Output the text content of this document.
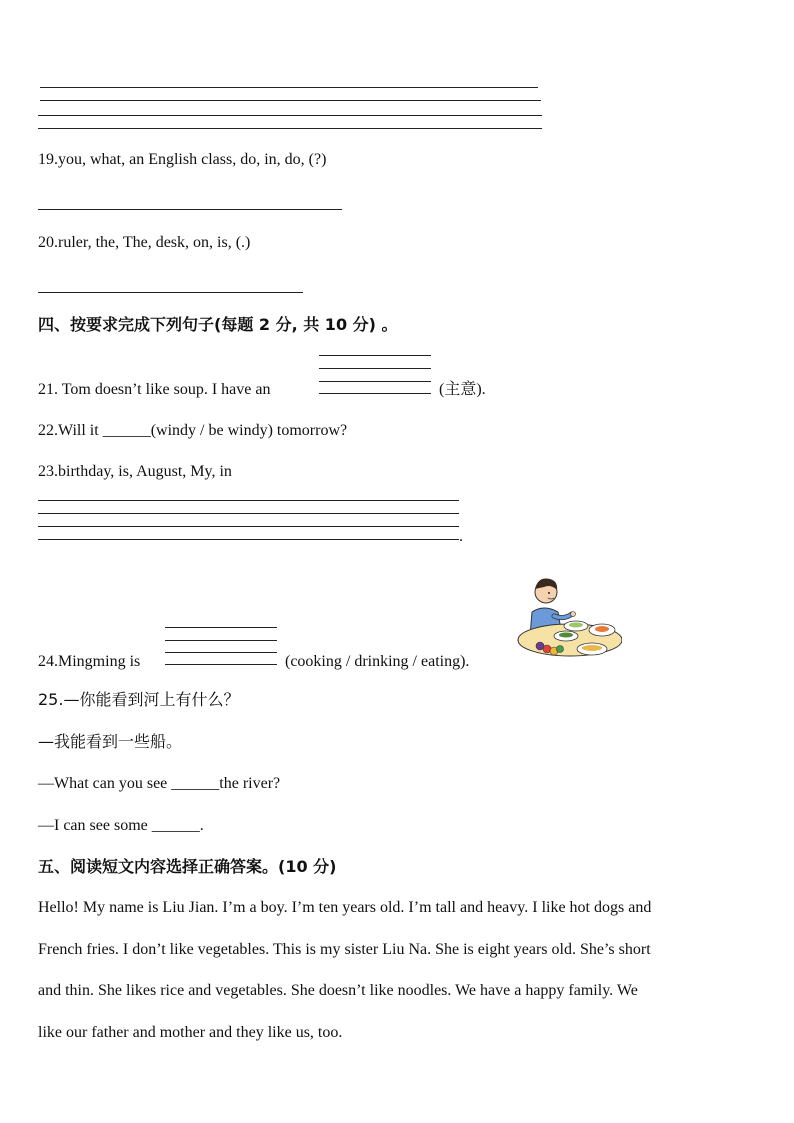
19.you, what, an English class, do, in, do, (?)
20.ruler, the, The, desk, on, is, (.)
四、按要求完成下列句子(每题 2 分, 共 10 分) 。
21. Tom doesn’t like soup. I have an	(主意).
22.Will it ______(windy / be windy) tomorrow?
23.birthday, is, August, My, in
.
24.Mingming is	(cooking / drinking / eating).
25.—你能看到河上有什么？
—我能看到一些船。
—What can you see ______the river?
—I can see some ______.
五、阅读短文内容选择正确答案。(10 分)
Hello! My name is Liu Jian. I’m a boy. I’m ten years old. I’m tall and heavy. I like hot dogs and
French fries. I don’t like vegetables. This is my sister Liu Na. She is eight years old. She’s short
and thin. She likes rice and vegetables. She doesn’t like noodles. We have a happy family. We
like our father and mother and they like us, too.
